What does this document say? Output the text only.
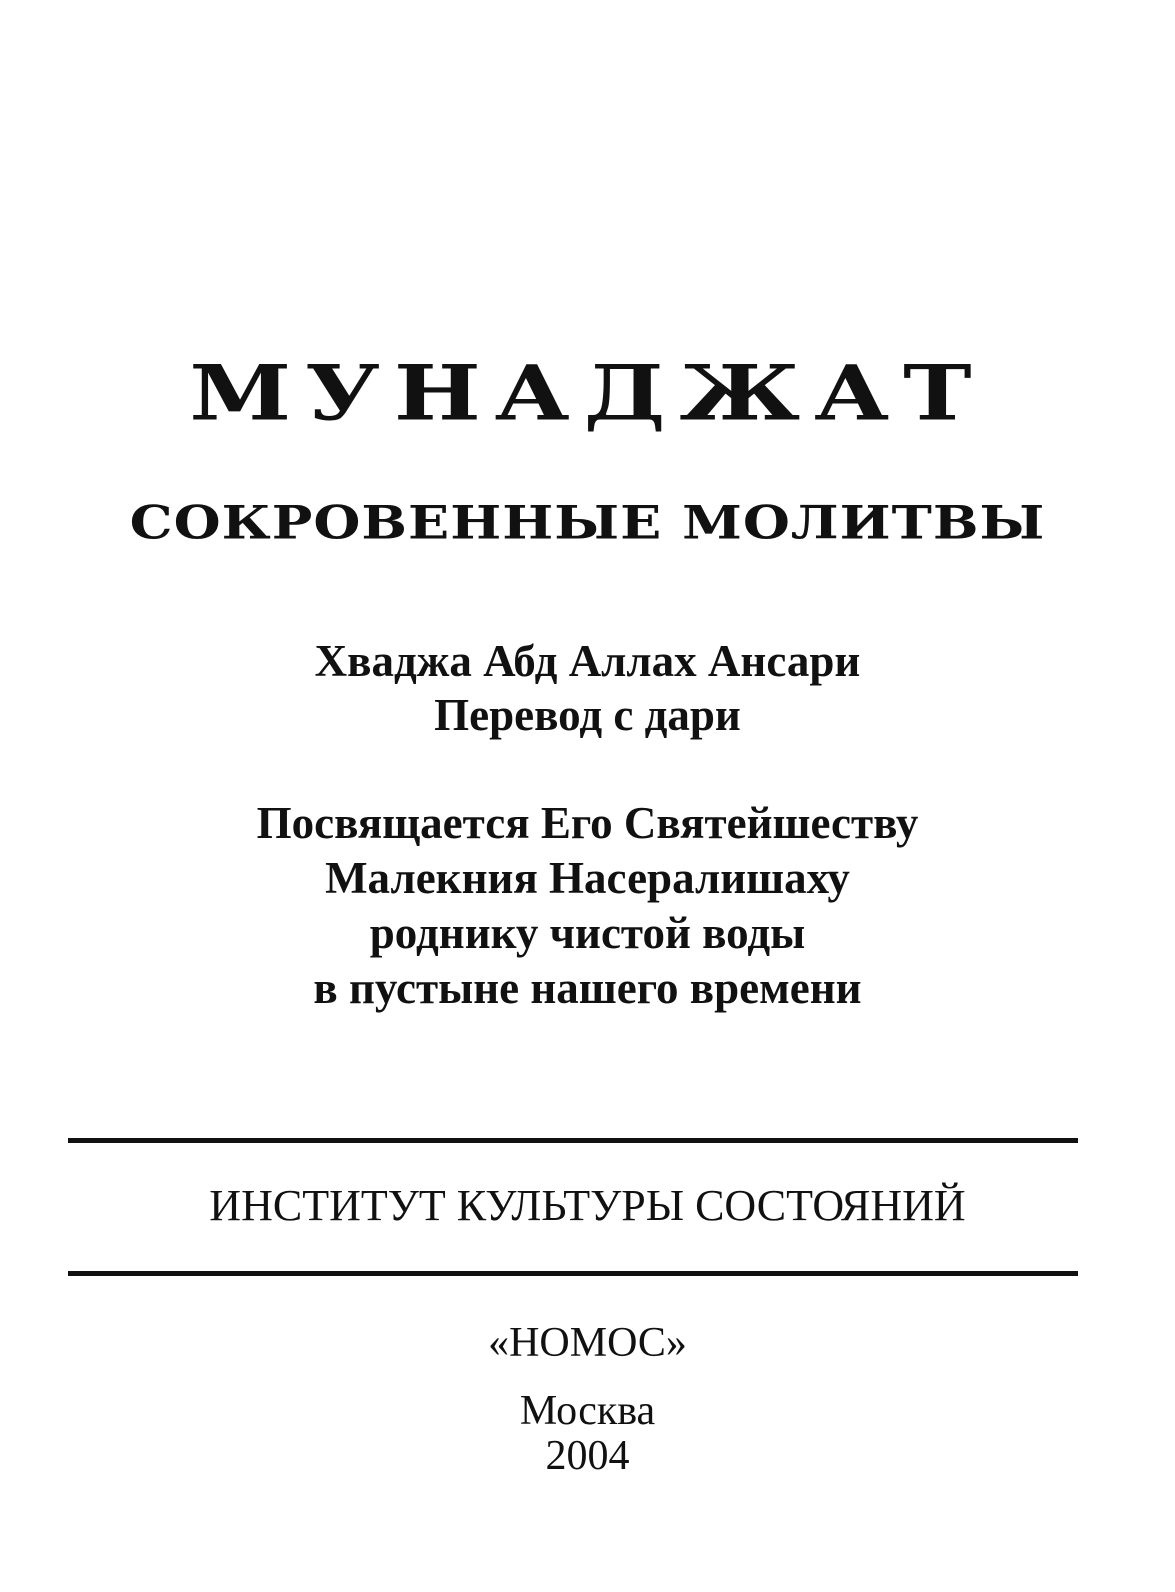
МУНАДЖАТ
СОКРОВЕННЫЕ МОЛИТВЫ
Хваджа Абд Аллах Ансари
Перевод с дари
Посвящается Его Святейшеству
Малекния Насералишаху
роднику чистой воды
в пустыне нашего времени
ИНСТИТУТ КУЛЬТУРЫ СОСТОЯНИЙ
«НОМОС»
Москва
2004
